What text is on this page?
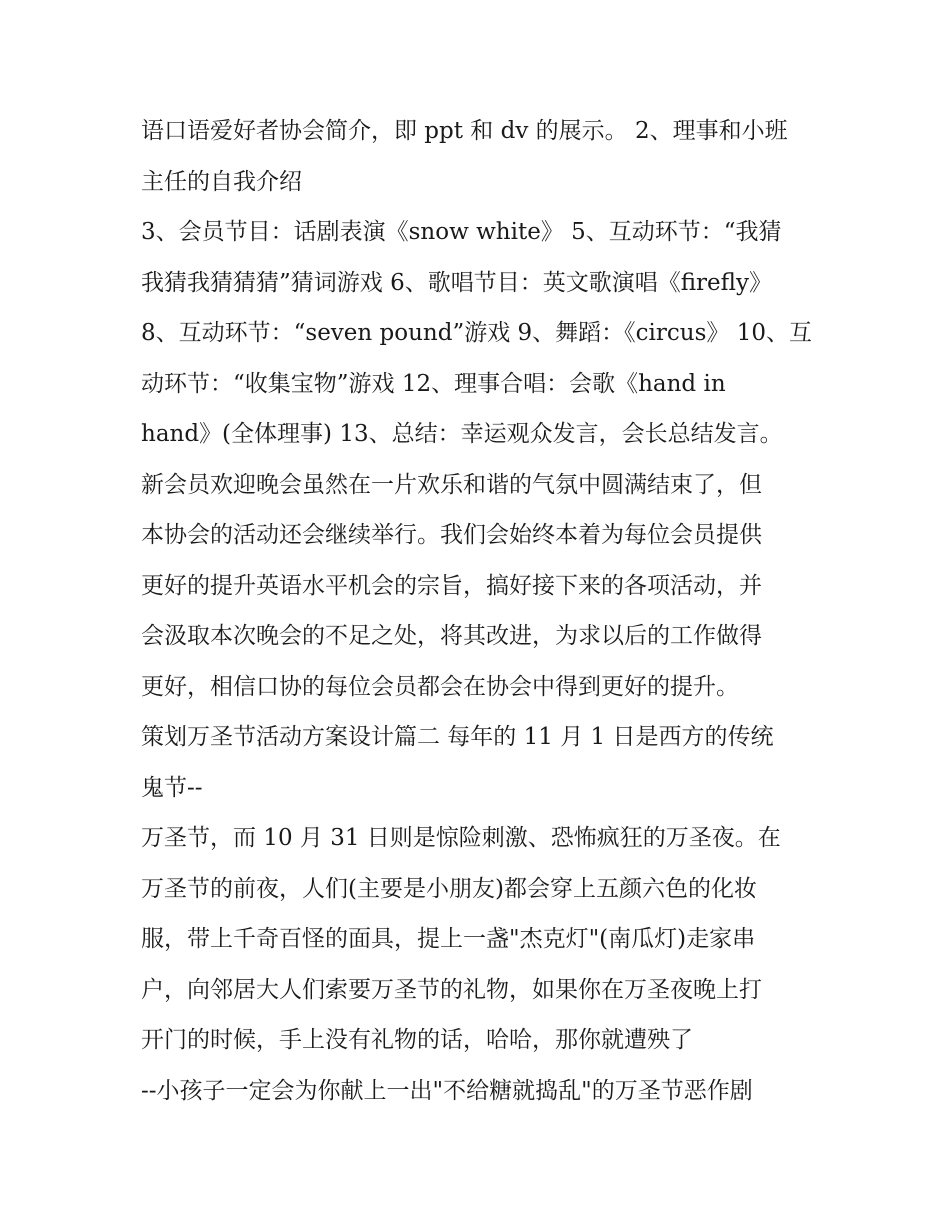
语口语爱好者协会简介，即 ppt 和 dv 的展示。 2、理事和小班
主任的自我介绍
3、会员节目：话剧表演《snow white》 5、互动环节：“我猜
我猜我猜猜猜”猜词游戏 6、歌唱节目：英文歌演唱《firefly》
8、互动环节：“seven pound”游戏 9、舞蹈：《circus》 10、互
动环节：“收集宝物”游戏 12、理事合唱：会歌《hand in
hand》(全体理事) 13、总结：幸运观众发言，会长总结发言。
新会员欢迎晚会虽然在一片欢乐和谐的气氛中圆满结束了，但
本协会的活动还会继续举行。我们会始终本着为每位会员提供
更好的提升英语水平机会的宗旨，搞好接下来的各项活动，并
会汲取本次晚会的不足之处，将其改进，为求以后的工作做得
更好，相信口协的每位会员都会在协会中得到更好的提升。
策划万圣节活动方案设计篇二 每年的 11 月 1 日是西方的传统
鬼节--
万圣节，而 10 月 31 日则是惊险刺激、恐怖疯狂的万圣夜。在
万圣节的前夜，人们(主要是小朋友)都会穿上五颜六色的化妆
服，带上千奇百怪的面具，提上一盏"杰克灯"(南瓜灯)走家串
户，向邻居大人们索要万圣节的礼物，如果你在万圣夜晚上打
开门的时候，手上没有礼物的话，哈哈，那你就遭殃了
--小孩子一定会为你献上一出"不给糖就捣乱"的万圣节恶作剧
